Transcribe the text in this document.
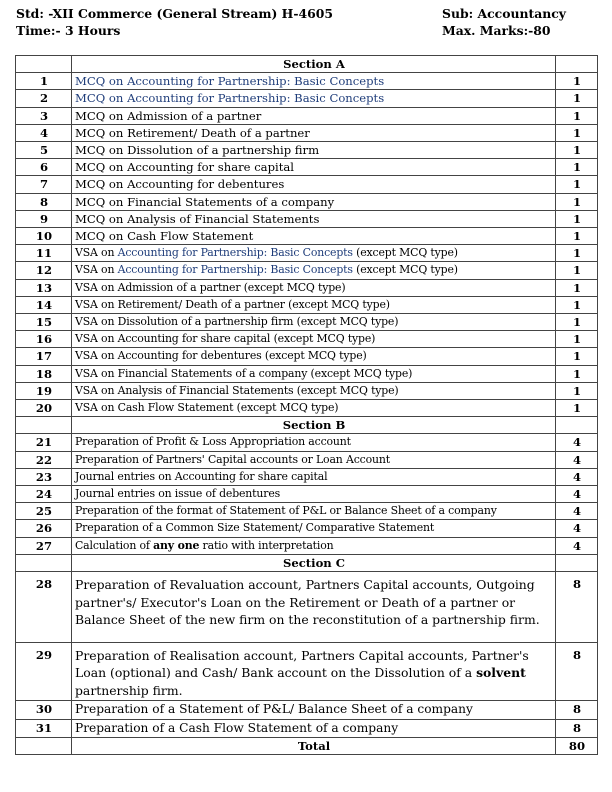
Std: -XII Commerce (General Stream) H-4605	Sub: Accountancy
Time:- 3 Hours	Max. Marks:-80
	Section A	
1	MCQ on Accounting for Partnership: Basic Concepts	1
2	MCQ on Accounting for Partnership: Basic Concepts	1
3	MCQ on Admission of a partner	1
4	MCQ on Retirement/ Death of a partner	1
5	MCQ on Dissolution of a partnership firm	1
6	MCQ on Accounting for share capital	1
7	MCQ on Accounting for debentures	1
8	MCQ on Financial Statements of a company	1
9	MCQ on Analysis of Financial Statements	1
10	MCQ on Cash Flow Statement	1
11	VSA on Accounting for Partnership: Basic Concepts (except MCQ type)	1
12	VSA on Accounting for Partnership: Basic Concepts (except MCQ type)	1
13	VSA on Admission of a partner (except MCQ type)	1
14	VSA on Retirement/ Death of a partner (except MCQ type)	1
15	VSA on Dissolution of a partnership firm (except MCQ type)	1
16	VSA on Accounting for share capital (except MCQ type)	1
17	VSA on Accounting for debentures (except MCQ type)	1
18	VSA on Financial Statements of a company (except MCQ type)	1
19	VSA on Analysis of Financial Statements (except MCQ type)	1
20	VSA on Cash Flow Statement (except MCQ type)	1
	Section B	
21	Preparation of Profit & Loss Appropriation account	4
22	Preparation of Partners' Capital accounts or Loan Account	4
23	Journal entries on Accounting for share capital	4
24	Journal entries on issue of debentures	4
25	Preparation of the format of Statement of P&L or Balance Sheet of a company	4
26	Preparation of a Common Size Statement/ Comparative Statement	4
27	Calculation of any one ratio with interpretation	4
	Section C	
28	Preparation of Revaluation account, Partners Capital accounts, Outgoing partner's/ Executor's Loan on the Retirement or Death of a partner or Balance Sheet of the new firm on the reconstitution of a partnership firm.	8
29	Preparation of Realisation account, Partners Capital accounts, Partner's Loan (optional) and Cash/ Bank account on the Dissolution of a solvent partnership firm.	8
30	Preparation of a Statement of P&L/ Balance Sheet of a company	8
31	Preparation of a Cash Flow Statement of a company	8
	Total	80
